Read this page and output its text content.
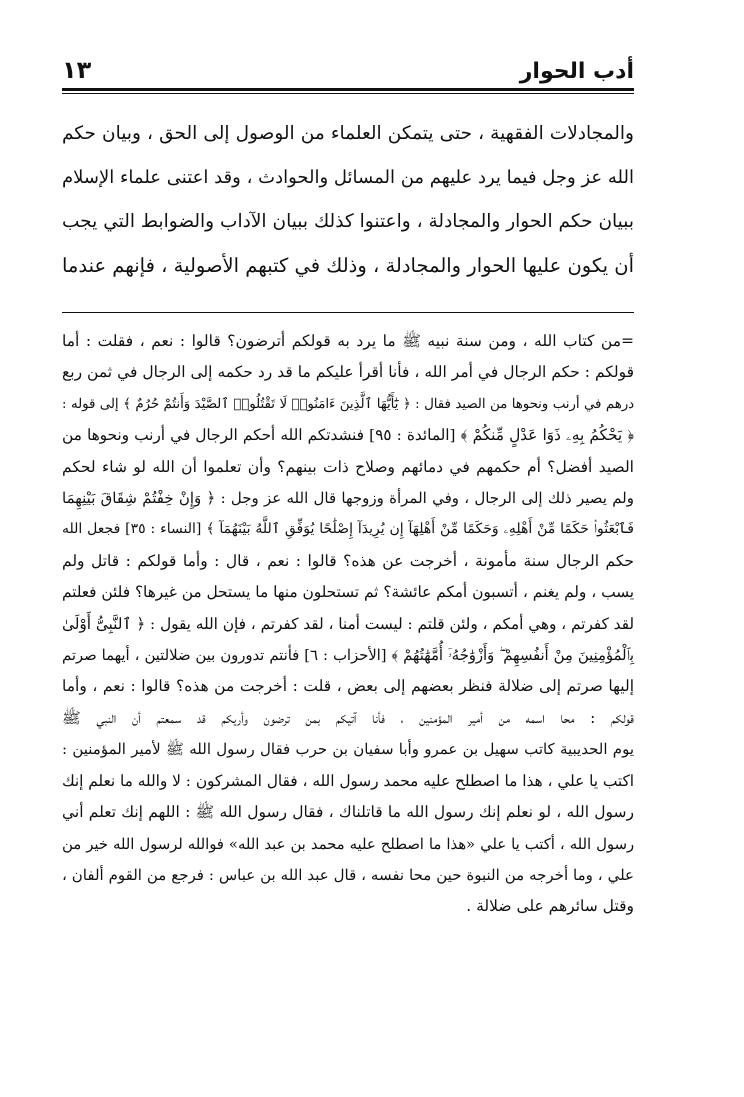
أدب الحوار
١٣
والمجادلات الفقهية ، حتى يتمكن العلماء من الوصول إلى الحق ، وبيان حكم
الله عز وجل فيما يرد عليهم من المسائل والحوادث ، وقد اعتنى علماء الإسلام
ببيان حكم الحوار والمجادلة ، واعتنوا كذلك ببيان الآداب والضوابط التي يجب
أن يكون عليها الحوار والمجادلة ، وذلك في كتبهم الأصولية ، فإنهم عندما
=من كتاب الله ، ومن سنة نبيه ﷺ ما يرد به قولكم أترضون؟ قالوا : نعم ، فقلت : أما
قولكم : حكم الرجال في أمر الله ، فأنا أقرأ عليكم ما قد رد حكمه إلى الرجال في ثمن ربع
درهم في أرنب ونحوها من الصيد فقال : ﴿ يَٰٓأَيُّهَا ٱلَّذِينَ ءَامَنُوا۟ لَا تَقْتُلُوا۟ ٱلصَّيْدَ وَأَنتُمْ حُرُمٌ ﴾ إلى قوله :
﴿ يَحْكُمُ بِهِۦ ذَوَا عَدْلٍ مِّنكُمْ ﴾ [المائدة : ٩٥] فنشدتكم الله أحكم الرجال في أرنب ونحوها من
الصيد أفضل؟ أم حكمهم في دمائهم وصلاح ذات بينهم؟ وأن تعلموا أن الله لو شاء لحكم
ولم يصير ذلك إلى الرجال ، وفي المرأة وزوجها قال الله عز وجل : ﴿ وَإِنْ خِفْتُمْ شِقَاقَ بَيْنِهِمَا
فَٱبْعَثُوا۟ حَكَمًا مِّنْ أَهْلِهِۦ وَحَكَمًا مِّنْ أَهْلِهَآ إِن يُرِيدَآ إِصْلَٰحًا يُوَفِّقِ ٱللَّهُ بَيْنَهُمَآ ﴾ [النساء : ٣٥] فجعل الله
حكم الرجال سنة مأمونة ، أخرجت عن هذه؟ قالوا : نعم ، قال : وأما قولكم : قاتل ولم
يسب ، ولم يغنم ، أتسبون أمكم عائشة؟ ثم تستحلون منها ما يستحل من غيرها؟ فلئن فعلتم
لقد كفرتم ، وهي أمكم ، ولئن قلتم : ليست أمنا ، لقد كفرتم ، فإن الله يقول : ﴿ ٱلنَّبِىُّ أَوْلَىٰ
بِٱلْمُؤْمِنِينَ مِنْ أَنفُسِهِمْ ۖ وَأَزْوَٰجُهُۥٓ أُمَّهَٰتُهُمْ ﴾ [الأحزاب : ٦] فأنتم تدورون بين ضلالتين ، أيهما صرتم
إليها صرتم إلى ضلالة فنظر بعضهم إلى بعض ، قلت : أخرجت من هذه؟ قالوا : نعم ، وأما
قولكم : محا اسمه من أمير المؤمنين ، فأنا آتيكم بمن ترضون وأريكم قد سمعتم أن النبي ﷺ
يوم الحديبية كاتب سهيل بن عمرو وأبا سفيان بن حرب فقال رسول الله ﷺ لأمير المؤمنين :
اكتب يا علي ، هذا ما اصطلح عليه محمد رسول الله ، فقال المشركون : لا والله ما نعلم إنك
رسول الله ، لو نعلم إنك رسول الله ما قاتلناك ، فقال رسول الله ﷺ : اللهم إنك تعلم أني
رسول الله ، أكتب يا علي «هذا ما اصطلح عليه محمد بن عبد الله» فوالله لرسول الله خير من
علي ، وما أخرجه من النبوة حين محا نفسه ، قال عبد الله بن عباس : فرجع من القوم ألفان ،
وقتل سائرهم على ضلالة .
